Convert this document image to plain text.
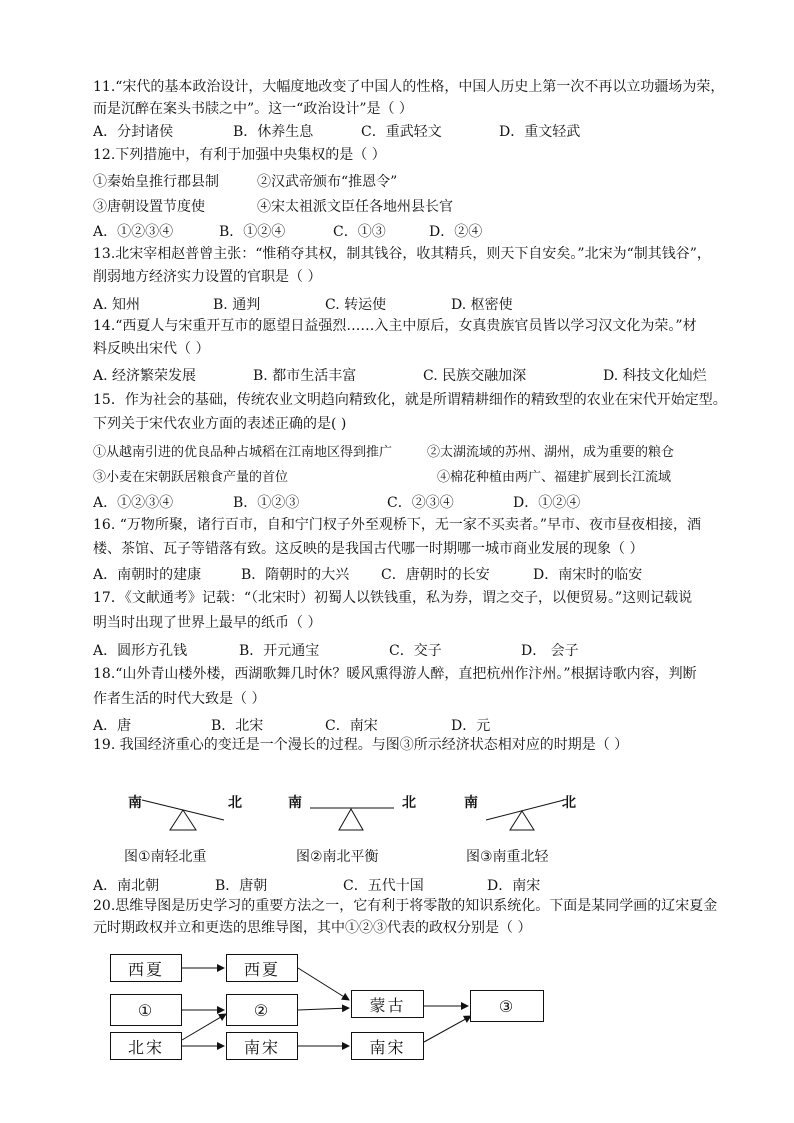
11.“宋代的基本政治设计，大幅度地改变了中国人的性格，中国人历史上第一次不再以立功疆场为荣，
而是沉醉在案头书牍之中”。这一“政治设计”是（ ）
A．分封诸侯	B．休养生息	C．重武轻文	D．重文轻武
12.下列措施中，有利于加强中央集权的是（ ）
①秦始皇推行郡县制	②汉武帝颁布“推恩令”
③唐朝设置节度使	④宋太祖派文臣任各地州县长官
A．①②③④	B．①②④	C．①③	D．②④
13.北宋宰相赵普曾主张：“惟稍夺其权，制其钱谷，收其精兵，则天下自安矣。”北宋为“制其钱谷”，
削弱地方经济实力设置的官职是（ ）
A. 知州	B. 通判	C. 转运使	D. 枢密使
14.“西夏人与宋重开互市的愿望日益强烈……入主中原后，女真贵族官员皆以学习汉文化为荣。”材
料反映出宋代（ ）
A. 经济繁荣发展	B. 都市生活丰富	C. 民族交融加深	D. 科技文化灿烂
15．作为社会的基础，传统农业文明趋向精致化，就是所谓精耕细作的精致型的农业在宋代开始定型。
下列关于宋代农业方面的表述正确的是( )
①从越南引进的优良品种占城稻在江南地区得到推广	②太湖流域的苏州、湖州，成为重要的粮仓
③小麦在宋朝跃居粮食产量的首位	④棉花种植由两广、福建扩展到长江流域
A．①②③④	B．①②③	C．②③④	D．①②④
16. “万物所聚，诸行百市，自和宁门杈子外至观桥下，无一家不买卖者。”早市、夜市昼夜相接，酒
楼、茶馆、瓦子等错落有致。这反映的是我国古代哪一时期哪一城市商业发展的现象（ ）
A．南朝时的建康	B．隋朝时的大兴 C．唐朝时的长安	D．南宋时的临安
17．《文献通考》记载：“（北宋时）初蜀人以铁钱重，私为券，谓之交子，以便贸易。”这则记载说
明当时出现了世界上最早的纸币（ ）
A．圆形方孔钱	B．开元通宝	C．交子	D． 会子
18.“山外青山楼外楼，西湖歌舞几时休？暖风熏得游人醉，直把杭州作汴州。”根据诗歌内容，判断
作者生活的时代大致是（ ）
A．唐	B．北宋	C．南宋	D．元
19. 我国经济重心的变迁是一个漫长的过程。与图③所示经济状态相对应的时期是（ ）
南	北
图①南轻北重
南	北
图②南北平衡
南	北
图③南重北轻
A．南北朝	B．唐朝	C．五代十国	D．南宋
20.思维导图是历史学习的重要方法之一，它有利于将零散的知识系统化。下面是某同学画的辽宋夏金
元时期政权并立和更迭的思维导图，其中①②③代表的政权分别是（ ）
西夏	西夏
①	②	蒙古	③
北宋	南宋	南宋
